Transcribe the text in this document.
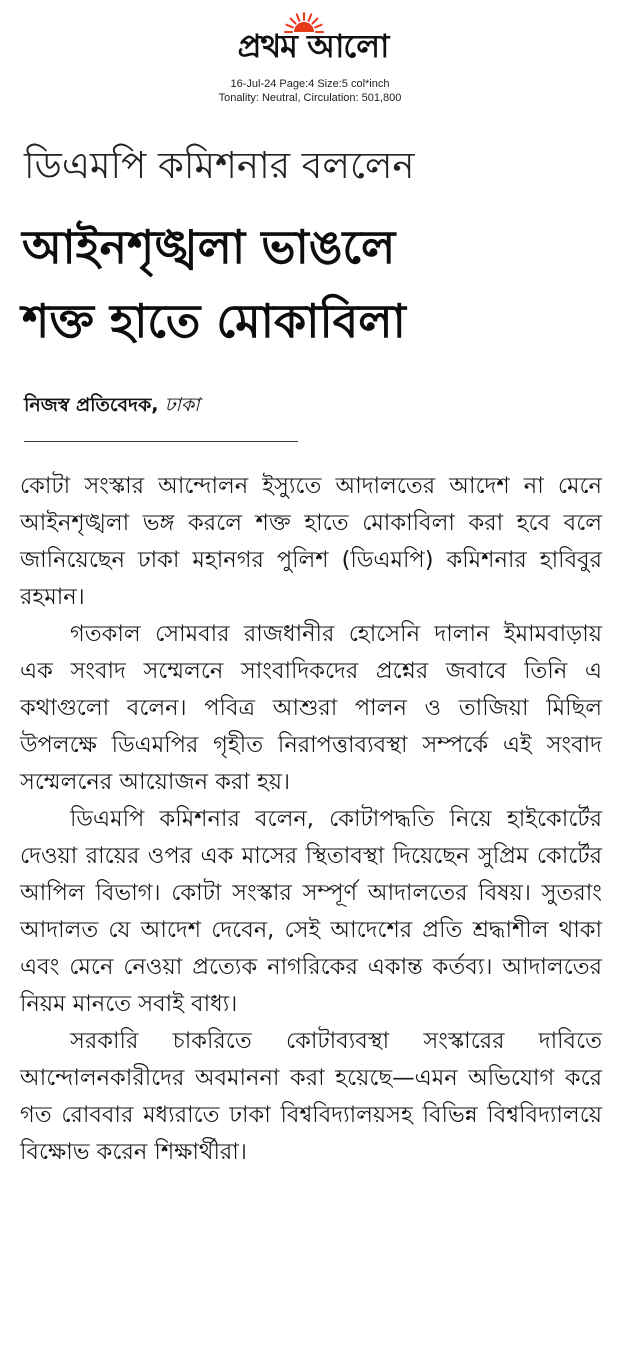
প্রথম আলো
16-Jul-24 Page:4 Size:5 col*inch
Tonality: Neutral, Circulation: 501,800
ডিএমপি কমিশনার বললেন
আইনশৃঙ্খলা ভাঙলে
শক্ত হাতে মোকাবিলা
নিজস্ব প্রতিবেদক, ঢাকা

কোটা সংস্কার আন্দোলন ইস্যুতে আদালতের আদেশ না মেনে আইনশৃঙ্খলা ভঙ্গ করলে শক্ত হাতে মোকাবিলা করা হবে বলে জানিয়েছেন ঢাকা মহানগর পুলিশ (ডিএমপি) কমিশনার হাবিবুর রহমান।

গতকাল সোমবার রাজধানীর হোসেনি দালান ইমামবাড়ায় এক সংবাদ সম্মেলনে সাংবাদিকদের প্রশ্নের জবাবে তিনি এ কথাগুলো বলেন। পবিত্র আশুরা পালন ও তাজিয়া মিছিল উপলক্ষে ডিএমপির গৃহীত নিরাপত্তাব্যবস্থা সম্পর্কে এই সংবাদ সম্মেলনের আয়োজন করা হয়।

ডিএমপি কমিশনার বলেন, কোটাপদ্ধতি নিয়ে হাইকোর্টের দেওয়া রায়ের ওপর এক মাসের স্থিতাবস্থা দিয়েছেন সুপ্রিম কোর্টের আপিল বিভাগ। কোটা সংস্কার সম্পূর্ণ আদালতের বিষয়। সুতরাং আদালত যে আদেশ দেবেন, সেই আদেশের প্রতি শ্রদ্ধাশীল থাকা এবং মেনে নেওয়া প্রত্যেক নাগরিকের একান্ত কর্তব্য। আদালতের নিয়ম মানতে সবাই বাধ্য।

সরকারি চাকরিতে কোটাব্যবস্থা সংস্কারের দাবিতে আন্দোলনকারীদের অবমাননা করা হয়েছে—এমন অভিযোগ করে গত রোববার মধ্যরাতে ঢাকা বিশ্ববিদ্যালয়সহ বিভিন্ন বিশ্ববিদ্যালয়ে বিক্ষোভ করেন শিক্ষার্থীরা।
